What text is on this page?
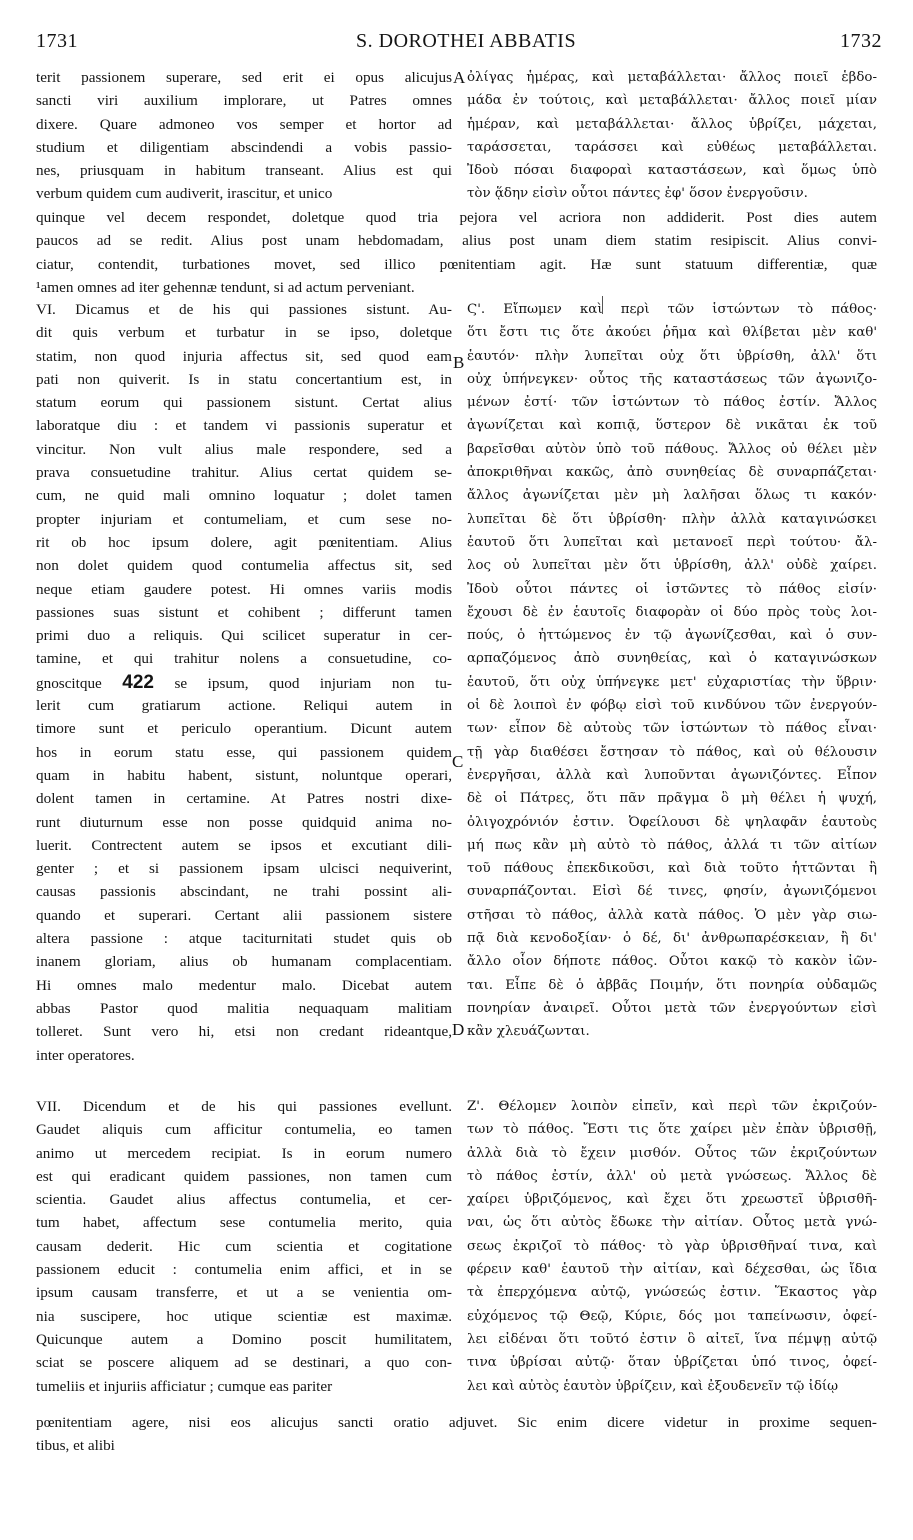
1731	S. DOROTHEI ABBATIS	1732
A
B
C
D
terit passionem superare, sed erit ei opus alicujus
sancti viri auxilium implorare, ut Patres omnes
dixere. Quare admoneo vos semper et hortor ad
studium et diligentiam abscindendi a vobis passio-
nes, priusquam in habitum transeant. Alius est qui
verbum quidem cum audiverit, irascitur, et unico
ὀλίγας ἡμέρας, καὶ μεταβάλλεται· ἄλλος ποιεῖ ἑβδο-
μάδα ἐν τούτοις, καὶ μεταβάλλεται· ἄλλος ποιεῖ μίαν
ἡμέραν, καὶ μεταβάλλεται· ἄλλος ὑβρίζει, μάχεται,
ταράσσεται, ταράσσει καὶ εὐθέως μεταβάλλεται.
Ἰδοὺ πόσαι διαφοραὶ καταστάσεων, καὶ ὅμως ὑπὸ
τὸν ᾅδην εἰσὶν οὗτοι πάντες ἐφ' ὅσον ἐνεργοῦσιν.
quinque vel decem respondet, doletque quod tria pejora vel acriora non addiderit. Post dies autem
paucos ad se redit. Alius post unam hebdomadam, alius post unam diem statim resipiscit. Alius convi-
ciatur, contendit, turbationes movet, sed illico pœnitentiam agit. Hæ sunt statuum differentiæ, quæ
¹amen omnes ad iter gehennæ tendunt, si ad actum perveniant.
VI. Dicamus et de his qui passiones sistunt. Au-
dit quis verbum et turbatur in se ipso, doletque
statim, non quod injuria affectus sit, sed quod eam
pati non quiverit. Is in statu concertantium est, in
statum eorum qui passionem sistunt. Certat alius
laboratque diu : et tandem vi passionis superatur et
vincitur. Non vult alius male respondere, sed a
prava consuetudine trahitur. Alius certat quidem se-
cum, ne quid mali omnino loquatur ; dolet tamen
propter injuriam et contumeliam, et cum sese no-
rit ob hoc ipsum dolere, agit pœnitentiam. Alius
non dolet quidem quod contumelia affectus sit, sed
neque etiam gaudere potest. Hi omnes variis modis
passiones suas sistunt et cohibent ; differunt tamen
primi duo a reliquis. Qui scilicet superatur in cer-
tamine, et qui trahitur nolens a consuetudine, co-
gnoscitque 422 se ipsum, quod injuriam non tu-
lerit cum gratiarum actione. Reliqui autem in
timore sunt et periculo operantium. Dicunt autem
hos in eorum statu esse, qui passionem quidem
quam in habitu habent, sistunt, noluntque operari,
dolent tamen in certamine. At Patres nostri dixe-
runt diuturnum esse non posse quidquid anima no-
luerit. Contrectent autem se ipsos et excutiant dili-
genter ; et si passionem ipsam ulcisci nequiverint,
causas passionis abscindant, ne trahi possint ali-
quando et superari. Certant alii passionem sistere
altera passione : atque taciturnitati studet quis ob
inanem gloriam, alius ob humanam complacentiam.
Hi omnes malo medentur malo. Dicebat autem
abbas Pastor quod malitia nequaquam malitiam
tolleret. Sunt vero hi, etsi non credant rideantque,
inter operatores.
Ϛ'. Εἴπωμεν καὶ περὶ τῶν ἱστώντων τὸ πάθος·
ὅτι ἔστι τις ὅτε ἀκούει ῥῆμα καὶ θλίβεται μὲν καθ'
ἑαυτόν· πλὴν λυπεῖται οὐχ ὅτι ὑβρίσθη, ἀλλ' ὅτι
οὐχ ὑπήνεγκεν· οὗτος τῆς καταστάσεως τῶν ἀγωνιζο-
μένων ἐστί· τῶν ἱστώντων τὸ πάθος ἐστίν. Ἄλλος
ἀγωνίζεται καὶ κοπιᾷ, ὕστερον δὲ νικᾶται ἐκ τοῦ
βαρεῖσθαι αὐτὸν ὑπὸ τοῦ πάθους. Ἄλλος οὐ θέλει μὲν
ἀποκριθῆναι κακῶς, ἀπὸ συνηθείας δὲ συναρπάζεται·
ἄλλος ἀγωνίζεται μὲν μὴ λαλῆσαι ὅλως τι κακόν·
λυπεῖται δὲ ὅτι ὑβρίσθη· πλὴν ἀλλὰ καταγινώσκει
ἑαυτοῦ ὅτι λυπεῖται καὶ μετανοεῖ περὶ τούτου· ἄλ-
λος οὐ λυπεῖται μὲν ὅτι ὑβρίσθη, ἀλλ' οὐδὲ χαίρει.
Ἰδοὺ οὗτοι πάντες οἱ ἱστῶντες τὸ πάθος εἰσίν·
ἔχουσι δὲ ἐν ἑαυτοῖς διαφορὰν οἱ δύο πρὸς τοὺς λοι-
πούς, ὁ ἡττώμενος ἐν τῷ ἀγωνίζεσθαι, καὶ ὁ συν-
αρπαζόμενος ἀπὸ συνηθείας, καὶ ὁ καταγινώσκων
ἑαυτοῦ, ὅτι οὐχ ὑπήνεγκε μετ' εὐχαριστίας τὴν ὕβριν·
οἱ δὲ λοιποὶ ἐν φόβῳ εἰσὶ τοῦ κινδύνου τῶν ἐνεργούν-
των· εἶπον δὲ αὐτοὺς τῶν ἱστώντων τὸ πάθος εἶναι·
τῇ γὰρ διαθέσει ἔστησαν τὸ πάθος, καὶ οὐ θέλουσιν
ἐνεργῆσαι, ἀλλὰ καὶ λυποῦνται ἀγωνιζόντες. Εἶπον
δὲ οἱ Πάτρες, ὅτι πᾶν πρᾶγμα ὃ μὴ θέλει ἡ ψυχή,
ὀλιγοχρόνιόν ἐστιν. Ὀφείλουσι δὲ ψηλαφᾶν ἑαυτοὺς
μή πως κἂν μὴ αὐτὸ τὸ πάθος, ἀλλά τι τῶν αἰτίων
τοῦ πάθους ἐπεκδικοῦσι, καὶ διὰ τοῦτο ἡττῶνται ἢ
συναρπάζονται. Εἰσὶ δέ τινες, φησίν, ἀγωνιζόμενοι
στῆσαι τὸ πάθος, ἀλλὰ κατὰ πάθος. Ὁ μὲν γὰρ σιω-
πᾷ διὰ κενοδοξίαν· ὁ δέ, δι' ἀνθρωπαρέσκειαν, ἢ δι'
ἄλλο οἷον δήποτε πάθος. Οὗτοι κακῷ τὸ κακὸν ἰῶν-
ται. Εἶπε δὲ ὁ ἀββᾶς Ποιμήν, ὅτι πονηρία οὐδαμῶς
πονηρίαν ἀναιρεῖ. Οὗτοι μετὰ τῶν ἐνεργούντων εἰσὶ
κἂν χλευάζωνται.
VII. Dicendum et de his qui passiones evellunt.
Gaudet aliquis cum afficitur contumelia, eo tamen
animo ut mercedem recipiat. Is in eorum numero
est qui eradicant quidem passiones, non tamen cum
scientia. Gaudet alius affectus contumelia, et cer-
tum habet, affectum sese contumelia merito, quia
causam dederit. Hic cum scientia et cogitatione
passionem educit : contumelia enim affici, et in se
ipsum causam transferre, et ut a se venientia om-
nia suscipere, hoc utique scientiæ est maximæ.
Quicunque autem a Domino poscit humilitatem,
sciat se poscere aliquem ad se destinari, a quo con-
tumeliis et injuriis afficiatur ; cumque eas pariter
Ζ'. Θέλομεν λοιπὸν εἰπεῖν, καὶ περὶ τῶν ἐκριζούν-
των τὸ πάθος. Ἔστι τις ὅτε χαίρει μὲν ἐπὰν ὑβρισθῇ,
ἀλλὰ διὰ τὸ ἔχειν μισθόν. Οὗτος τῶν ἐκριζούντων
τὸ πάθος ἐστίν, ἀλλ' οὐ μετὰ γνώσεως. Ἄλλος δὲ
χαίρει ὑβριζόμενος, καὶ ἔχει ὅτι χρεωστεῖ ὑβρισθῆ-
ναι, ὡς ὅτι αὐτὸς ἔδωκε τὴν αἰτίαν. Οὗτος μετὰ γνώ-
σεως ἐκριζοῖ τὸ πάθος· τὸ γὰρ ὑβρισθῆναί τινα, καὶ
φέρειν καθ' ἑαυτοῦ τὴν αἰτίαν, καὶ δέχεσθαι, ὡς ἴδια
τὰ ἐπερχόμενα αὐτῷ, γνώσεώς ἐστιν. Ἕκαστος γὰρ
εὐχόμενος τῷ Θεῷ, Κύριε, δός μοι ταπείνωσιν, ὀφεί-
λει εἰδέναι ὅτι τοῦτό ἐστιν ὃ αἰτεῖ, ἵνα πέμψῃ αὐτῷ
τινα ὑβρίσαι αὐτῷ· ὅταν ὑβρίζεται ὑπό τινος, ὀφεί-
λει καὶ αὐτὸς ἑαυτὸν ὑβρίζειν, καὶ ἐξουδενεῖν τῷ ἰδίῳ
pœnitentiam agere, nisi eos alicujus sancti oratio adjuvet. Sic enim dicere videtur in proxime sequen-
tibus, et alibi
